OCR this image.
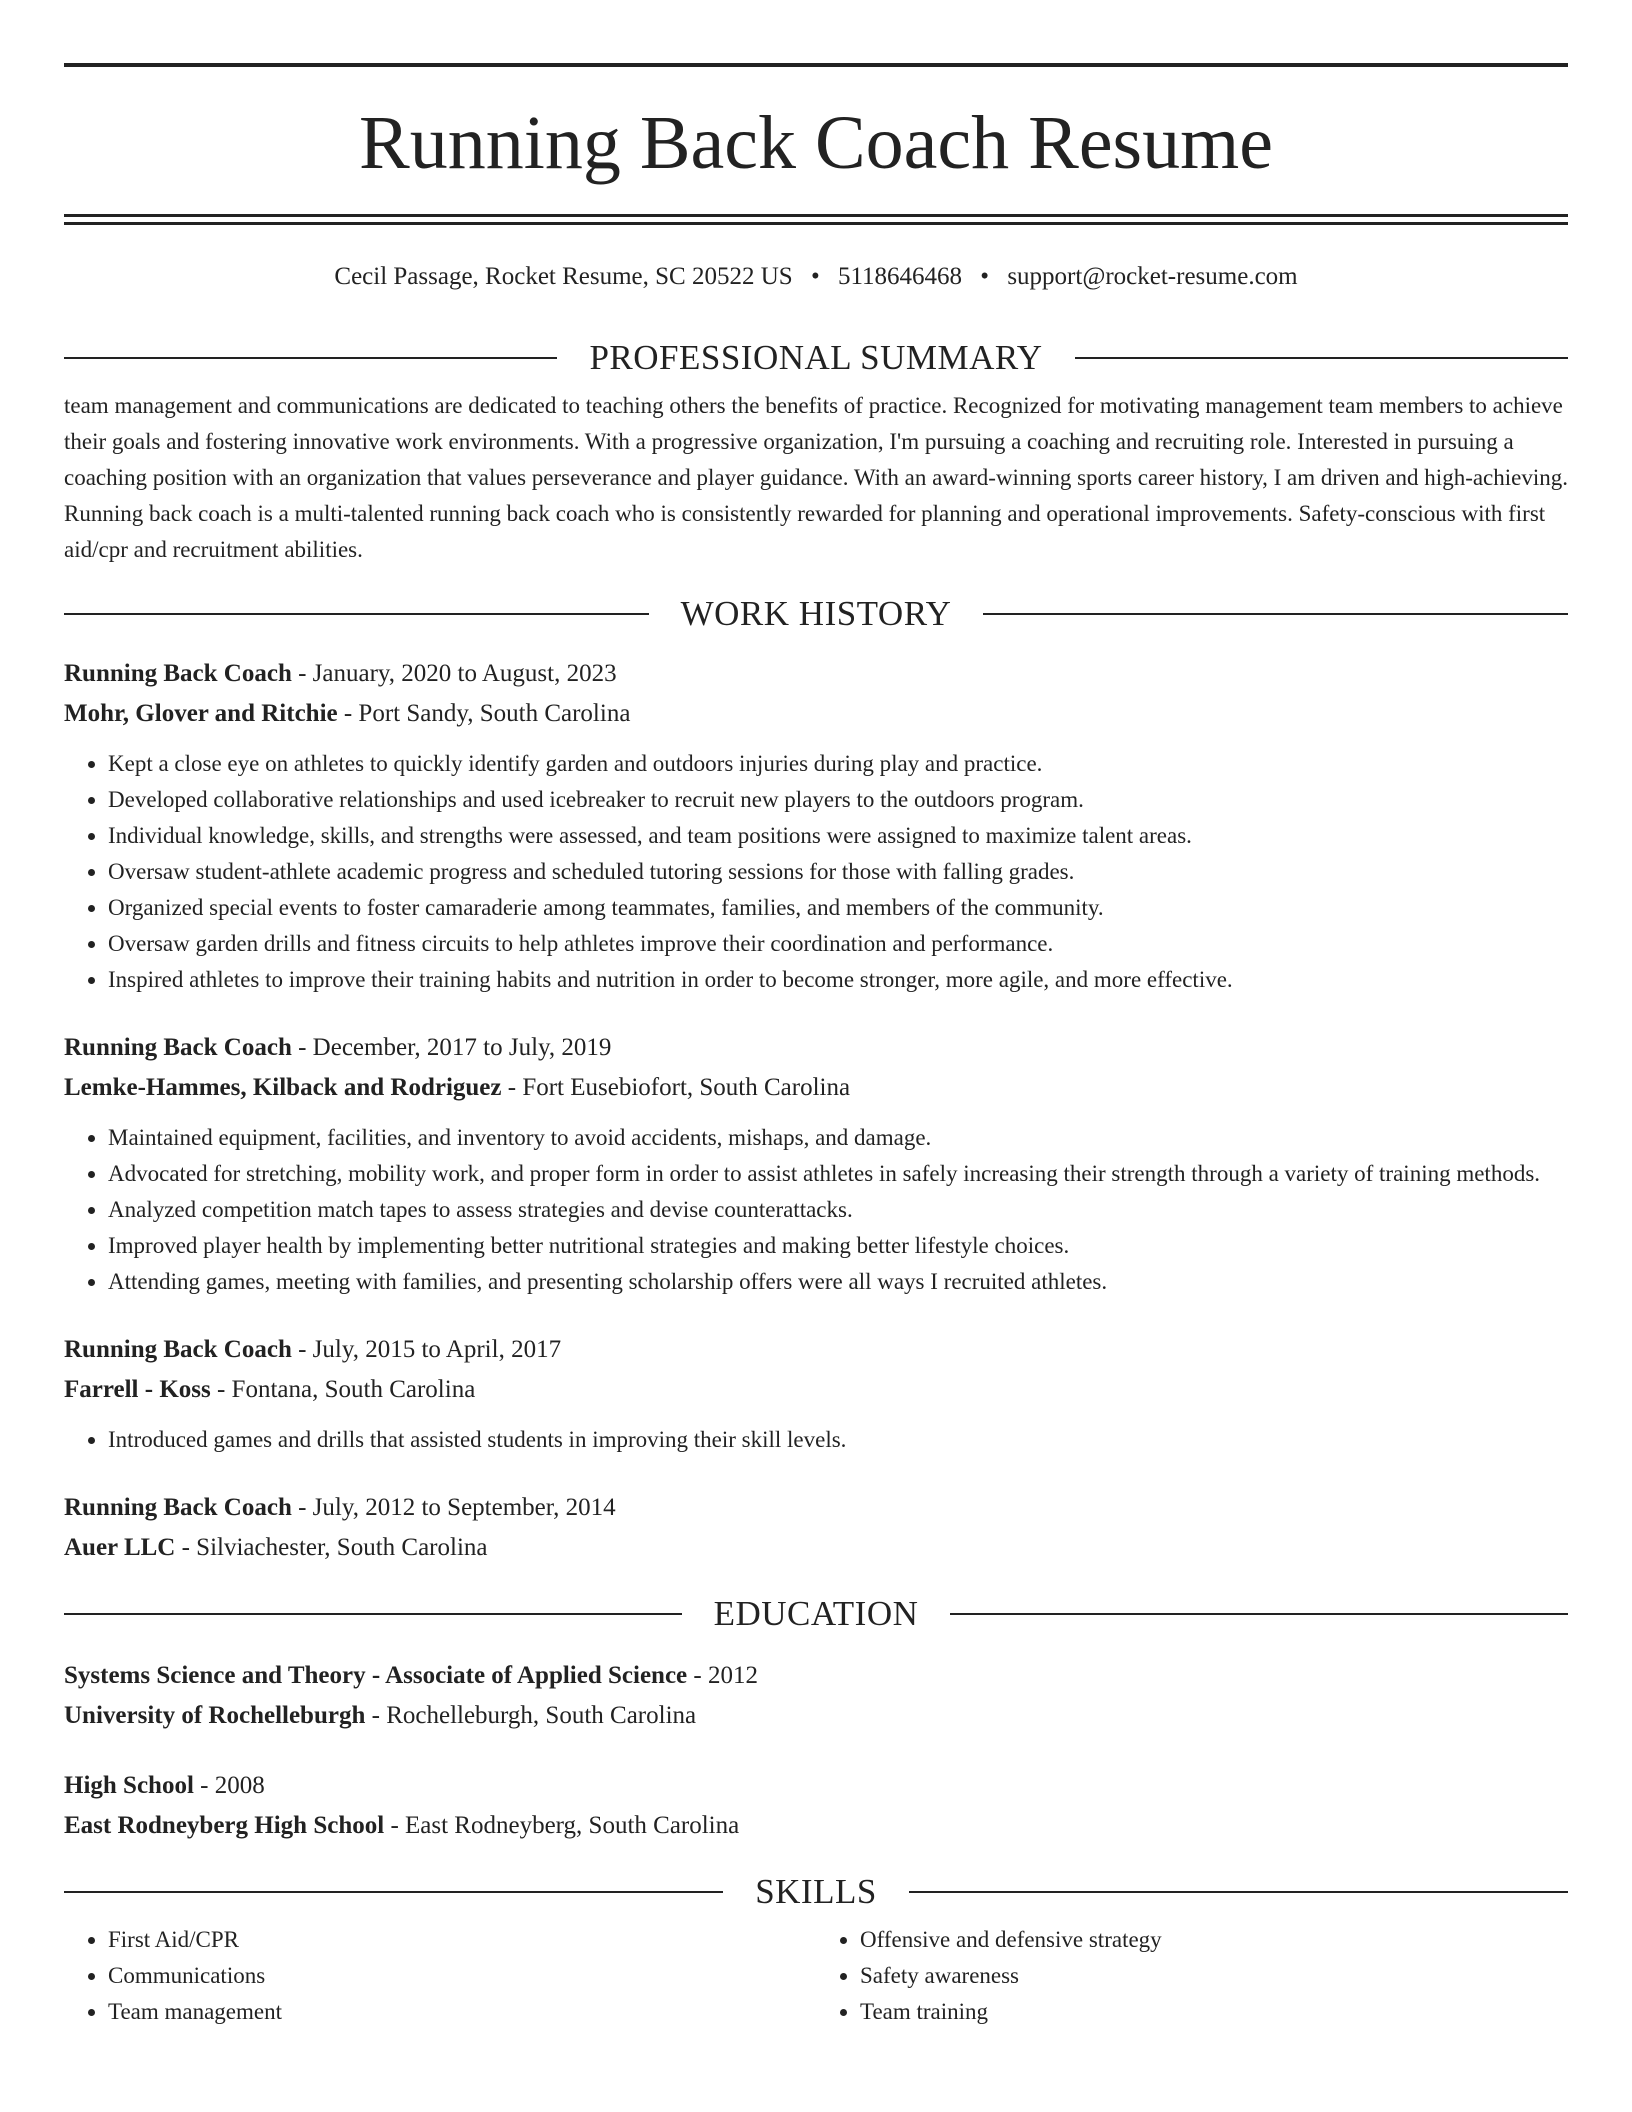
Running Back Coach Resume
Cecil Passage, Rocket Resume, SC 20522 US • 5118646468 • support@rocket-resume.com
PROFESSIONAL SUMMARY
team management and communications are dedicated to teaching others the benefits of practice. Recognized for motivating management team members to achieve their goals and fostering innovative work environments. With a progressive organization, I'm pursuing a coaching and recruiting role. Interested in pursuing a coaching position with an organization that values perseverance and player guidance. With an award-winning sports career history, I am driven and high-achieving. Running back coach is a multi-talented running back coach who is consistently rewarded for planning and operational improvements. Safety-conscious with first aid/cpr and recruitment abilities.
WORK HISTORY
Running Back Coach - January, 2020 to August, 2023
Mohr, Glover and Ritchie - Port Sandy, South Carolina
• Kept a close eye on athletes to quickly identify garden and outdoors injuries during play and practice.
• Developed collaborative relationships and used icebreaker to recruit new players to the outdoors program.
• Individual knowledge, skills, and strengths were assessed, and team positions were assigned to maximize talent areas.
• Oversaw student-athlete academic progress and scheduled tutoring sessions for those with falling grades.
• Organized special events to foster camaraderie among teammates, families, and members of the community.
• Oversaw garden drills and fitness circuits to help athletes improve their coordination and performance.
• Inspired athletes to improve their training habits and nutrition in order to become stronger, more agile, and more effective.
Running Back Coach - December, 2017 to July, 2019
Lemke-Hammes, Kilback and Rodriguez - Fort Eusebiofort, South Carolina
• Maintained equipment, facilities, and inventory to avoid accidents, mishaps, and damage.
• Advocated for stretching, mobility work, and proper form in order to assist athletes in safely increasing their strength through a variety of training methods.
• Analyzed competition match tapes to assess strategies and devise counterattacks.
• Improved player health by implementing better nutritional strategies and making better lifestyle choices.
• Attending games, meeting with families, and presenting scholarship offers were all ways I recruited athletes.
Running Back Coach - July, 2015 to April, 2017
Farrell - Koss - Fontana, South Carolina
• Introduced games and drills that assisted students in improving their skill levels.
Running Back Coach - July, 2012 to September, 2014
Auer LLC - Silviachester, South Carolina
EDUCATION
Systems Science and Theory - Associate of Applied Science - 2012
University of Rochelleburgh - Rochelleburgh, South Carolina
High School - 2008
East Rodneyberg High School - East Rodneyberg, South Carolina
SKILLS
• First Aid/CPR
• Communications
• Team management
• Offensive and defensive strategy
• Safety awareness
• Team training
